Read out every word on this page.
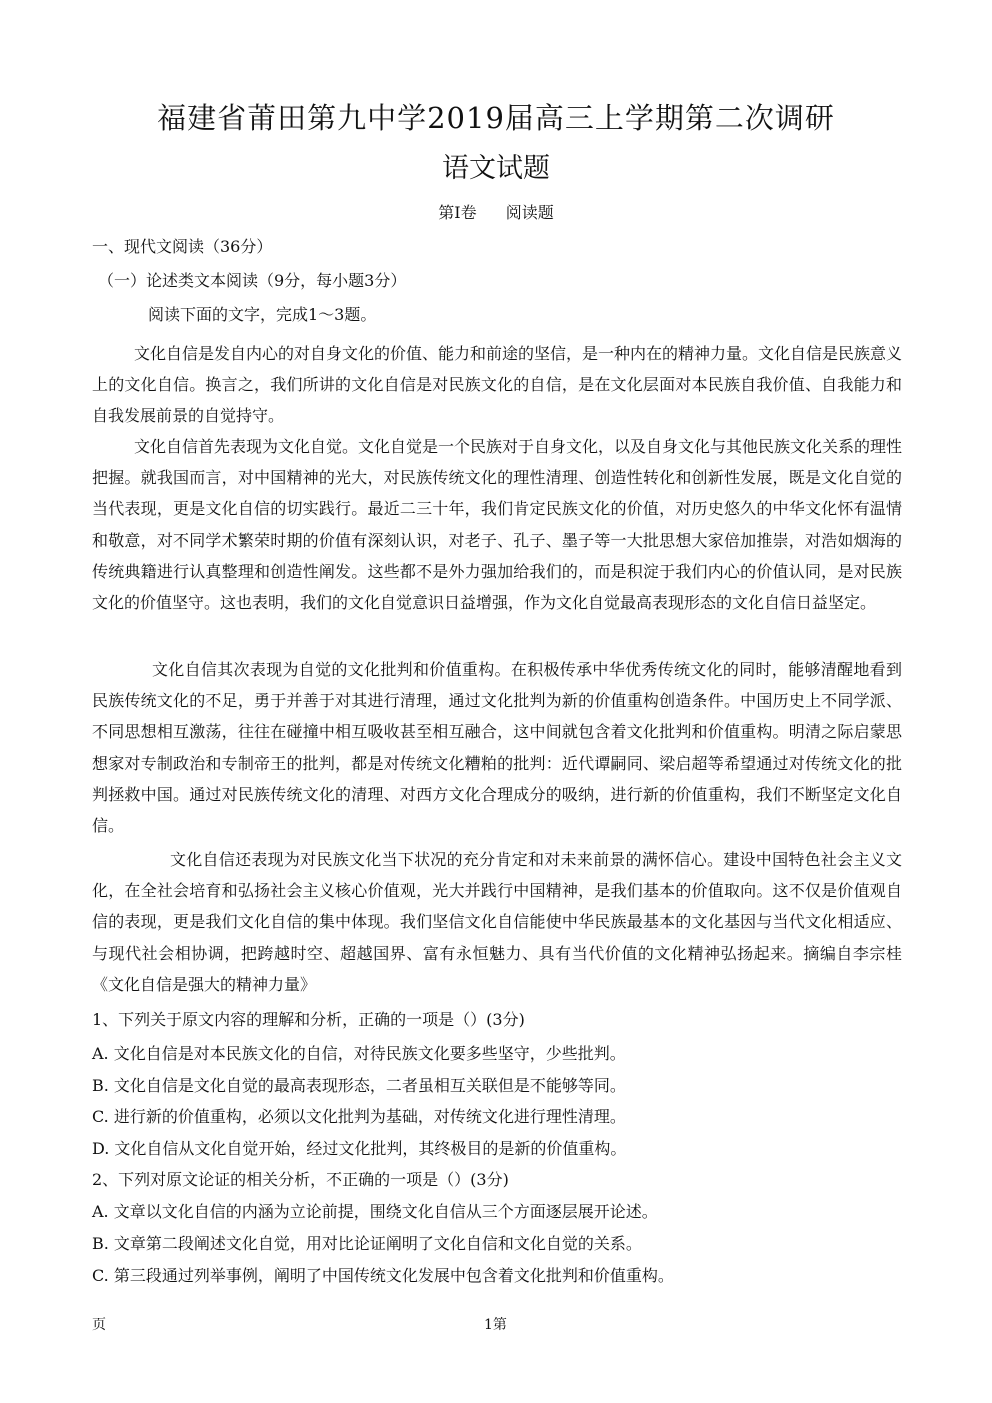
福建省莆田第九中学2019届高三上学期第二次调研
语文试题
第Ⅰ卷 阅读题
一、现代文阅读（36分）
（一）论述类文本阅读（9分，每小题3分）
阅读下面的文字，完成1～3题。

文化自信是发自内心的对自身文化的价值、能力和前途的坚信，是一种内在的精神力量。文化自信是民族意义上的文化自信。换言之，我们所讲的文化自信是对民族文化的自信，是在文化层面对本民族自我价值、自我能力和自我发展前景的自觉持守。

文化自信首先表现为文化自觉。文化自觉是一个民族对于自身文化，以及自身文化与其他民族文化关系的理性把握。就我国而言，对中国精神的光大，对民族传统文化的理性清理、创造性转化和创新性发展，既是文化自觉的当代表现，更是文化自信的切实践行。最近二三十年，我们肯定民族文化的价值，对历史悠久的中华文化怀有温情和敬意，对不同学术繁荣时期的价值有深刻认识，对老子、孔子、墨子等一大批思想大家倍加推崇，对浩如烟海的传统典籍进行认真整理和创造性阐发。这些都不是外力强加给我们的，而是积淀于我们内心的价值认同，是对民族文化的价值坚守。这也表明，我们的文化自觉意识日益增强，作为文化自觉最高表现形态的文化自信日益坚定。

文化自信其次表现为自觉的文化批判和价值重构。在积极传承中华优秀传统文化的同时，能够清醒地看到民族传统文化的不足，勇于并善于对其进行清理，通过文化批判为新的价值重构创造条件。中国历史上不同学派、不同思想相互激荡，往往在碰撞中相互吸收甚至相互融合，这中间就包含着文化批判和价值重构。明清之际启蒙思想家对专制政治和专制帝王的批判，都是对传统文化糟粕的批判：近代谭嗣同、梁启超等希望通过对传统文化的批判拯救中国。通过对民族传统文化的清理、对西方文化合理成分的吸纳，进行新的价值重构，我们不断坚定文化自信。

文化自信还表现为对民族文化当下状况的充分肯定和对未来前景的满怀信心。建设中国特色社会主义文化，在全社会培育和弘扬社会主义核心价值观，光大并践行中国精神，是我们基本的价值取向。这不仅是价值观自信的表现，更是我们文化自信的集中体现。我们坚信文化自信能使中华民族最基本的文化基因与当代文化相适应、与现代社会相协调，把跨越时空、超越国界、富有永恒魅力、具有当代价值的文化精神弘扬起来。摘编自李宗桂《文化自信是强大的精神力量》

1、下列关于原文内容的理解和分析，正确的一项是（）(3分)
A. 文化自信是对本民族文化的自信，对待民族文化要多些坚守，少些批判。
B. 文化自信是文化自觉的最高表现形态，二者虽相互关联但是不能够等同。
C. 进行新的价值重构，必须以文化批判为基础，对传统文化进行理性清理。
D. 文化自信从文化自觉开始，经过文化批判，其终极目的是新的价值重构。
2、下列对原文论证的相关分析，不正确的一项是（）(3分)
A. 文章以文化自信的内涵为立论前提，围绕文化自信从三个方面逐层展开论述。
B. 文章第二段阐述文化自觉，用对比论证阐明了文化自信和文化自觉的关系。
C. 第三段通过列举事例，阐明了中国传统文化发展中包含着文化批判和价值重构。
页	1第
